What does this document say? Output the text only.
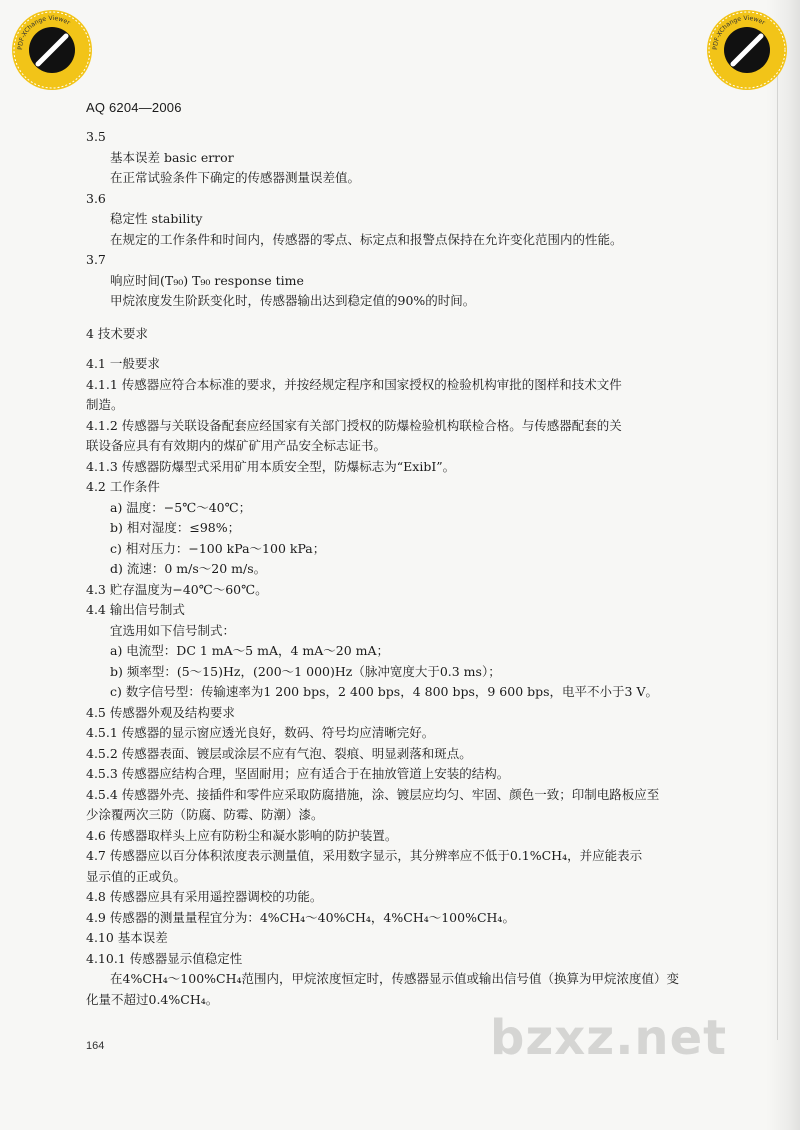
PDF-XChange Viewer
PDF-XChange Viewer
AQ 6204—2006

3.5

基本误差 basic error

在正常试验条件下确定的传感器测量误差值。

3.6

稳定性 stability

在规定的工作条件和时间内，传感器的零点、标定点和报警点保持在允许变化范围内的性能。

3.7

响应时间(T₉₀) T₉₀ response time

甲烷浓度发生阶跃变化时，传感器输出达到稳定值的90%的时间。

4 技术要求

4.1 一般要求

4.1.1 传感器应符合本标准的要求，并按经规定程序和国家授权的检验机构审批的图样和技术文件

制造。

4.1.2 传感器与关联设备配套应经国家有关部门授权的防爆检验机构联检合格。与传感器配套的关

联设备应具有有效期内的煤矿矿用产品安全标志证书。

4.1.3 传感器防爆型式采用矿用本质安全型，防爆标志为“ExibI”。

4.2 工作条件

a) 温度：−5℃～40℃；

b) 相对湿度：≤98%；

c) 相对压力：−100 kPa～100 kPa；

d) 流速：0 m/s～20 m/s。

4.3 贮存温度为−40℃～60℃。

4.4 输出信号制式

宜选用如下信号制式：

a) 电流型：DC 1 mA～5 mA，4 mA～20 mA；

b) 频率型：(5～15)Hz，(200～1 000)Hz（脉冲宽度大于0.3 ms）；

c) 数字信号型：传输速率为1 200 bps，2 400 bps，4 800 bps，9 600 bps，电平不小于3 V。

4.5 传感器外观及结构要求

4.5.1 传感器的显示窗应透光良好，数码、符号均应清晰完好。

4.5.2 传感器表面、镀层或涂层不应有气泡、裂痕、明显剥落和斑点。

4.5.3 传感器应结构合理，坚固耐用；应有适合于在抽放管道上安装的结构。

4.5.4 传感器外壳、接插件和零件应采取防腐措施，涂、镀层应均匀、牢固、颜色一致；印制电路板应至

少涂覆两次三防（防腐、防霉、防潮）漆。

4.6 传感器取样头上应有防粉尘和凝水影响的防护装置。

4.7 传感器应以百分体积浓度表示测量值，采用数字显示，其分辨率应不低于0.1%CH₄，并应能表示

显示值的正或负。

4.8 传感器应具有采用遥控器调校的功能。

4.9 传感器的测量量程宜分为：4%CH₄～40%CH₄，4%CH₄～100%CH₄。

4.10 基本误差

4.10.1 传感器显示值稳定性

在4%CH₄～100%CH₄范围内，甲烷浓度恒定时，传感器显示值或输出信号值（换算为甲烷浓度值）变化量不超过0.4%CH₄。

164	bzxz.net
